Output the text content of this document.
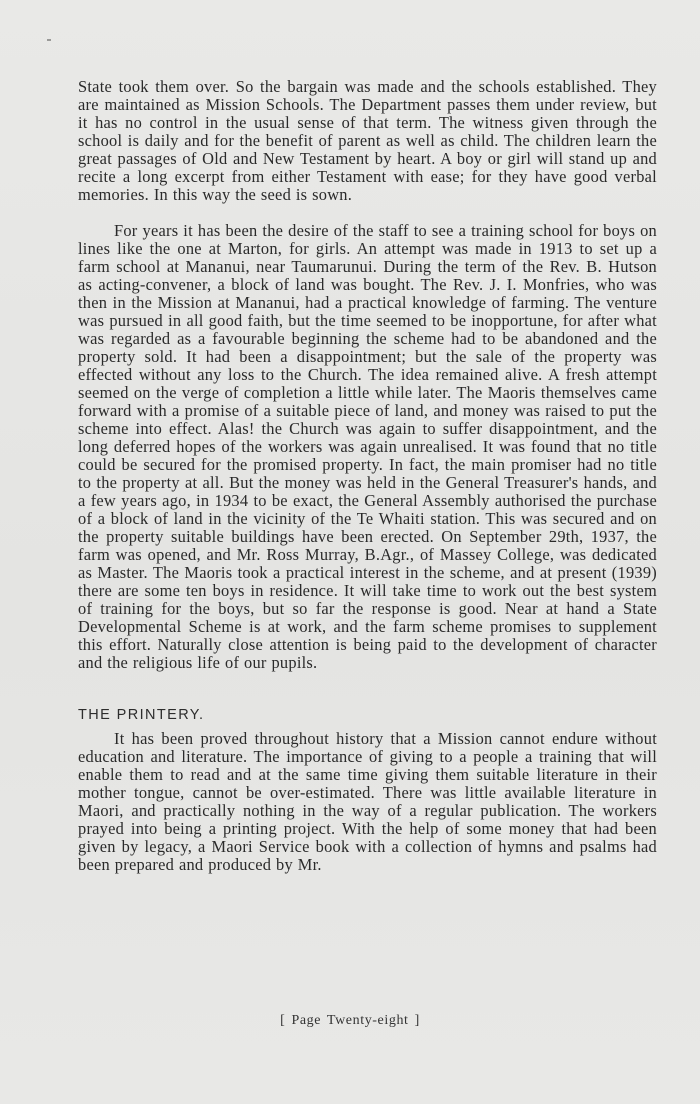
State took them over. So the bargain was made and the schools established. They are maintained as Mission Schools. The Department passes them under review, but it has no control in the usual sense of that term. The witness given through the school is daily and for the benefit of parent as well as child. The children learn the great passages of Old and New Testament by heart. A boy or girl will stand up and recite a long excerpt from either Testament with ease; for they have good verbal memories. In this way the seed is sown.

For years it has been the desire of the staff to see a training school for boys on lines like the one at Marton, for girls. An attempt was made in 1913 to set up a farm school at Mananui, near Taumarunui. During the term of the Rev. B. Hutson as acting-convener, a block of land was bought. The Rev. J. I. Monfries, who was then in the Mission at Mananui, had a practical knowledge of farming. The venture was pursued in all good faith, but the time seemed to be inopportune, for after what was regarded as a favourable beginning the scheme had to be abandoned and the property sold. It had been a disappointment; but the sale of the property was effected without any loss to the Church. The idea remained alive. A fresh attempt seemed on the verge of completion a little while later. The Maoris themselves came forward with a promise of a suitable piece of land, and money was raised to put the scheme into effect. Alas! the Church was again to suffer disappointment, and the long deferred hopes of the workers was again unrealised. It was found that no title could be secured for the promised property. In fact, the main promiser had no title to the property at all. But the money was held in the General Treasurer's hands, and a few years ago, in 1934 to be exact, the General Assembly authorised the purchase of a block of land in the vicinity of the Te Whaiti station. This was secured and on the property suitable buildings have been erected. On September 29th, 1937, the farm was opened, and Mr. Ross Murray, B.Agr., of Massey College, was dedicated as Master. The Maoris took a practical interest in the scheme, and at present (1939) there are some ten boys in residence. It will take time to work out the best system of training for the boys, but so far the response is good. Near at hand a State Developmental Scheme is at work, and the farm scheme promises to supplement this effort. Naturally close attention is being paid to the development of character and the religious life of our pupils.

THE PRINTERY.

It has been proved throughout history that a Mission cannot endure without education and literature. The importance of giving to a people a training that will enable them to read and at the same time giving them suitable literature in their mother tongue, cannot be over-estimated. There was little available literature in Maori, and practically nothing in the way of a regular publication. The workers prayed into being a printing project. With the help of some money that had been given by legacy, a Maori Service book with a collection of hymns and psalms had been prepared and produced by Mr.

[ Page Twenty-eight ]
